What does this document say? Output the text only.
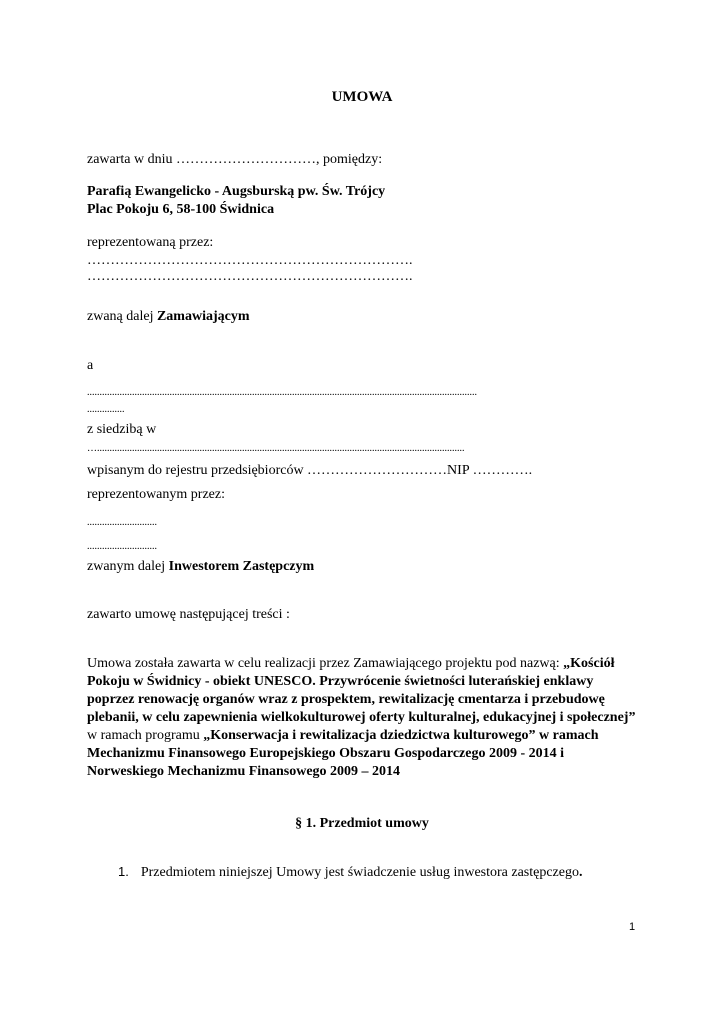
UMOWA
zawarta w dniu …………………………, pomiędzy:
Parafią Ewangelicko - Augsburską pw. Św. Trójcy
Plac Pokoju 6, 58-100 Świdnica
reprezentowaną przez:
…………………………………………………………….
…………………………………………………………….
zwaną dalej Zamawiającym
a
............................................................................................................................................................
...............
z siedzibą w
…...................................................................................................................................................
wpisanym do rejestru przedsiębiorców …………………………NIP ………….
reprezentowanym przez:
............................
............................
zwanym dalej Inwestorem Zastępczym
zawarto umowę następującej treści :
Umowa została zawarta w celu realizacji przez Zamawiającego projektu pod nazwą: „Kościół Pokoju w Świdnicy - obiekt UNESCO. Przywrócenie świetności luterańskiej enklawy poprzez renowację organów wraz z prospektem, rewitalizację cmentarza i przebudowę plebanii, w celu zapewnienia wielkokulturowej oferty kulturalnej, edukacyjnej i społecznej” w ramach programu „Konserwacja i rewitalizacja dziedzictwa kulturowego” w ramach Mechanizmu Finansowego Europejskiego Obszaru Gospodarczego 2009 - 2014 i Norweskiego Mechanizmu Finansowego 2009 – 2014
§ 1. Przedmiot umowy
1. Przedmiotem niniejszej Umowy jest świadczenie usług inwestora zastępczego.
1
